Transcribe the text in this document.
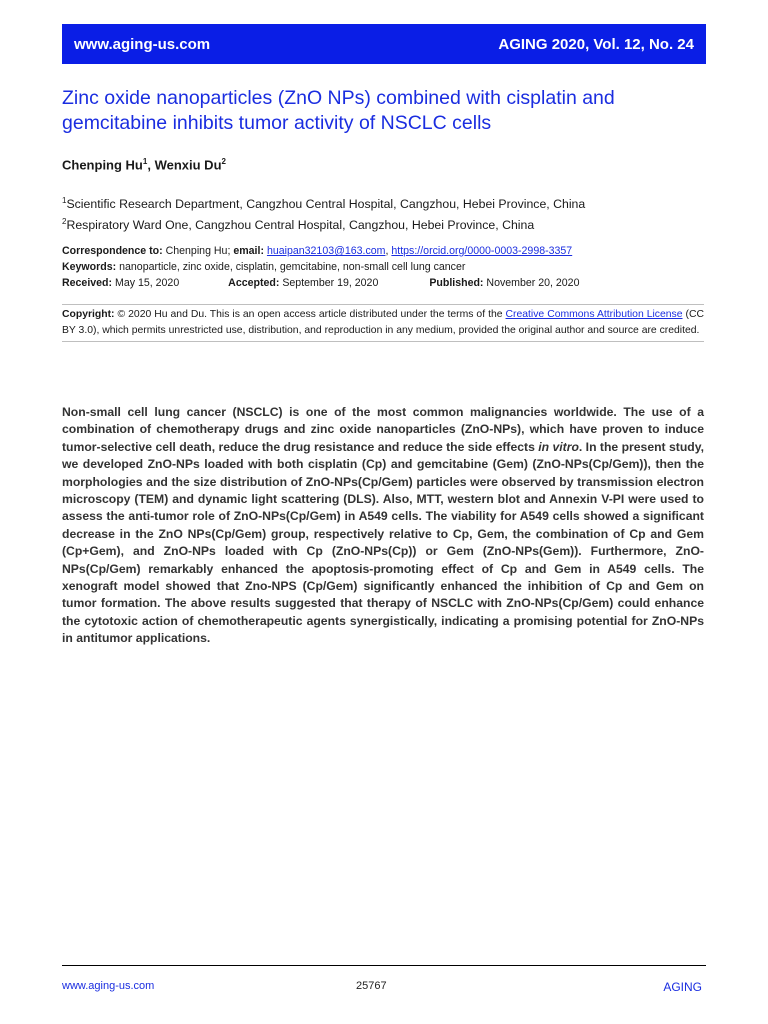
www.aging-us.com	AGING 2020, Vol. 12, No. 24
Zinc oxide nanoparticles (ZnO NPs) combined with cisplatin and
gemcitabine inhibits tumor activity of NSCLC cells
Chenping Hu$^1$, Wenxiu Du$^2$
$^1$Scientific Research Department, Cangzhou Central Hospital, Cangzhou, Hebei Province, China
$^2$Respiratory Ward One, Cangzhou Central Hospital, Cangzhou, Hebei Province, China
Correspondence to: Chenping Hu; email: huaipan32103@163.com, https://orcid.org/0000-0003-2998-3357
Keywords: nanoparticle, zinc oxide, cisplatin, gemcitabine, non-small cell lung cancer
Received: May 15, 2020	Accepted: September 19, 2020	Published: November 20, 2020
Copyright: © 2020 Hu and Du. This is an open access article distributed under the terms of the Creative Commons Attribution License (CC BY 3.0), which permits unrestricted use, distribution, and reproduction in any medium, provided the original author and source are credited.

Non-small cell lung cancer (NSCLC) is one of the most common malignancies worldwide. The use of a combination of chemotherapy drugs and zinc oxide nanoparticles (ZnO-NPs), which have proven to induce tumor-selective cell death, reduce the drug resistance and reduce the side effects in vitro. In the present study, we developed ZnO-NPs loaded with both cisplatin (Cp) and gemcitabine (Gem) (ZnO-NPs(Cp/Gem)), then the morphologies and the size distribution of ZnO-NPs(Cp/Gem) particles were observed by transmission electron microscopy (TEM) and dynamic light scattering (DLS). Also, MTT, western blot and Annexin V-PI were used to assess the anti-tumor role of ZnO-NPs(Cp/Gem) in A549 cells. The viability for A549 cells showed a significant decrease in the ZnO NPs(Cp/Gem) group, respectively relative to Cp, Gem, the combination of Cp and Gem (Cp+Gem), and ZnO-NPs loaded with Cp (ZnO-NPs(Cp)) or Gem (ZnO-NPs(Gem)). Furthermore, ZnO-NPs(Cp/Gem) remarkably enhanced the apoptosis-promoting effect of Cp and Gem in A549 cells. The xenograft model showed that Zno-NPS (Cp/Gem) significantly enhanced the inhibition of Cp and Gem on tumor formation. The above results suggested that therapy of NSCLC with ZnO-NPs(Cp/Gem) could enhance the cytotoxic action of chemotherapeutic agents synergistically, indicating a promising potential for ZnO-NPs in antitumor applications.

www.aging-us.com	25767	AGING
